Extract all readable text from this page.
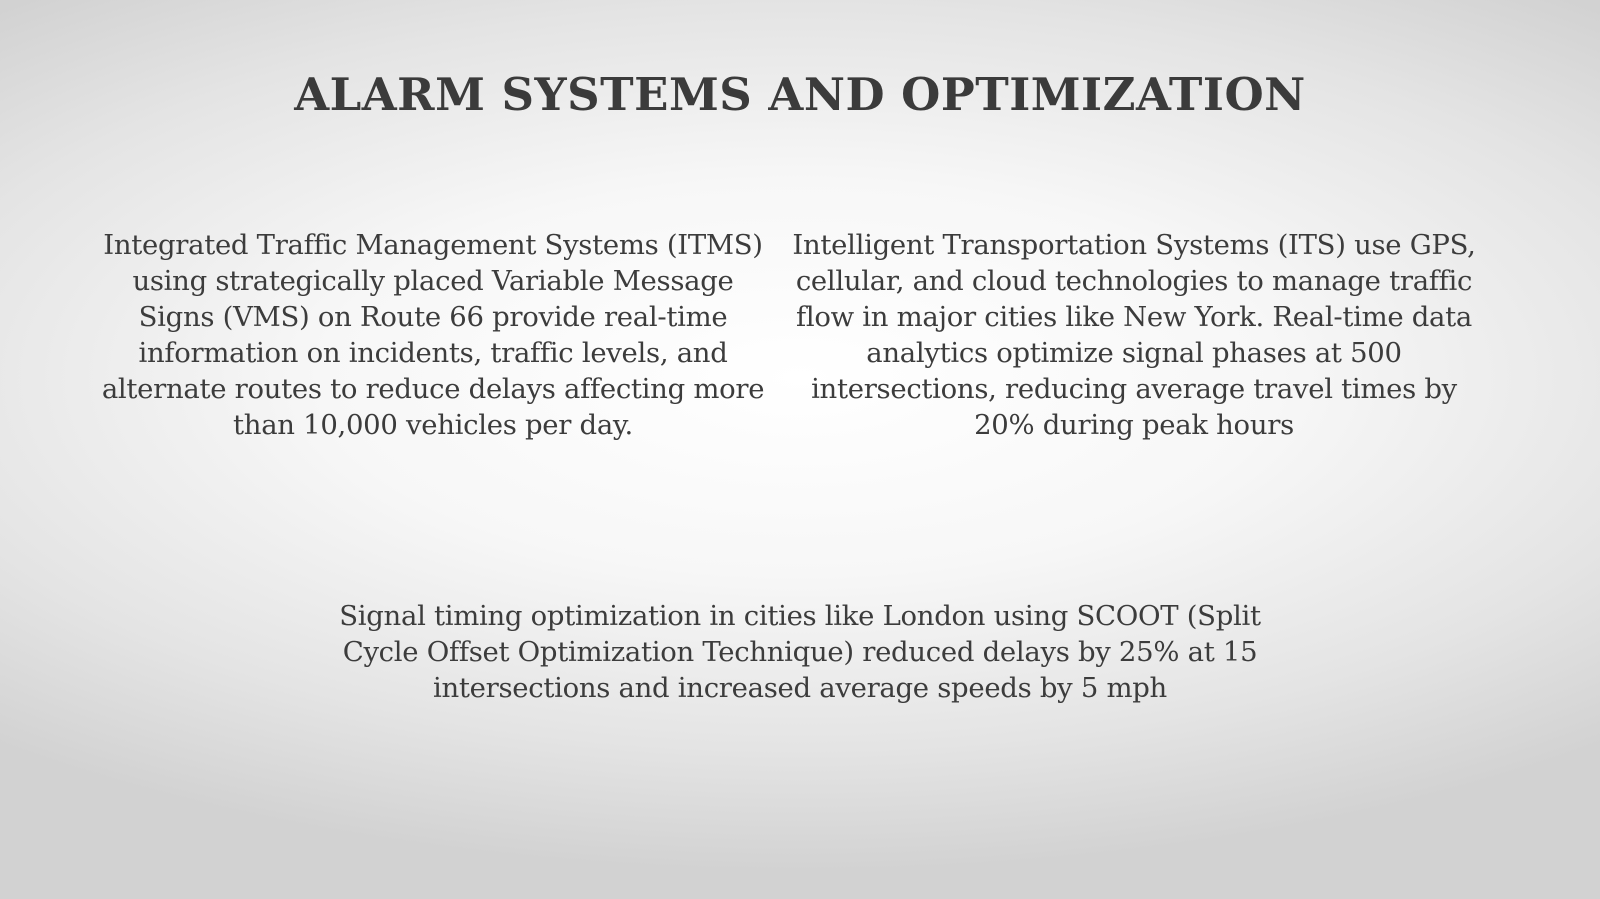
ALARM SYSTEMS AND OPTIMIZATION

Integrated Traffic Management Systems (ITMS) using strategically placed Variable Message Signs (VMS) on Route 66 provide real-time information on incidents, traffic levels, and alternate routes to reduce delays affecting more than 10,000 vehicles per day.

Intelligent Transportation Systems (ITS) use GPS, cellular, and cloud technologies to manage traffic flow in major cities like New York. Real-time data analytics optimize signal phases at 500 intersections, reducing average travel times by 20% during peak hours

Signal timing optimization in cities like London using SCOOT (Split Cycle Offset Optimization Technique) reduced delays by 25% at 15 intersections and increased average speeds by 5 mph
